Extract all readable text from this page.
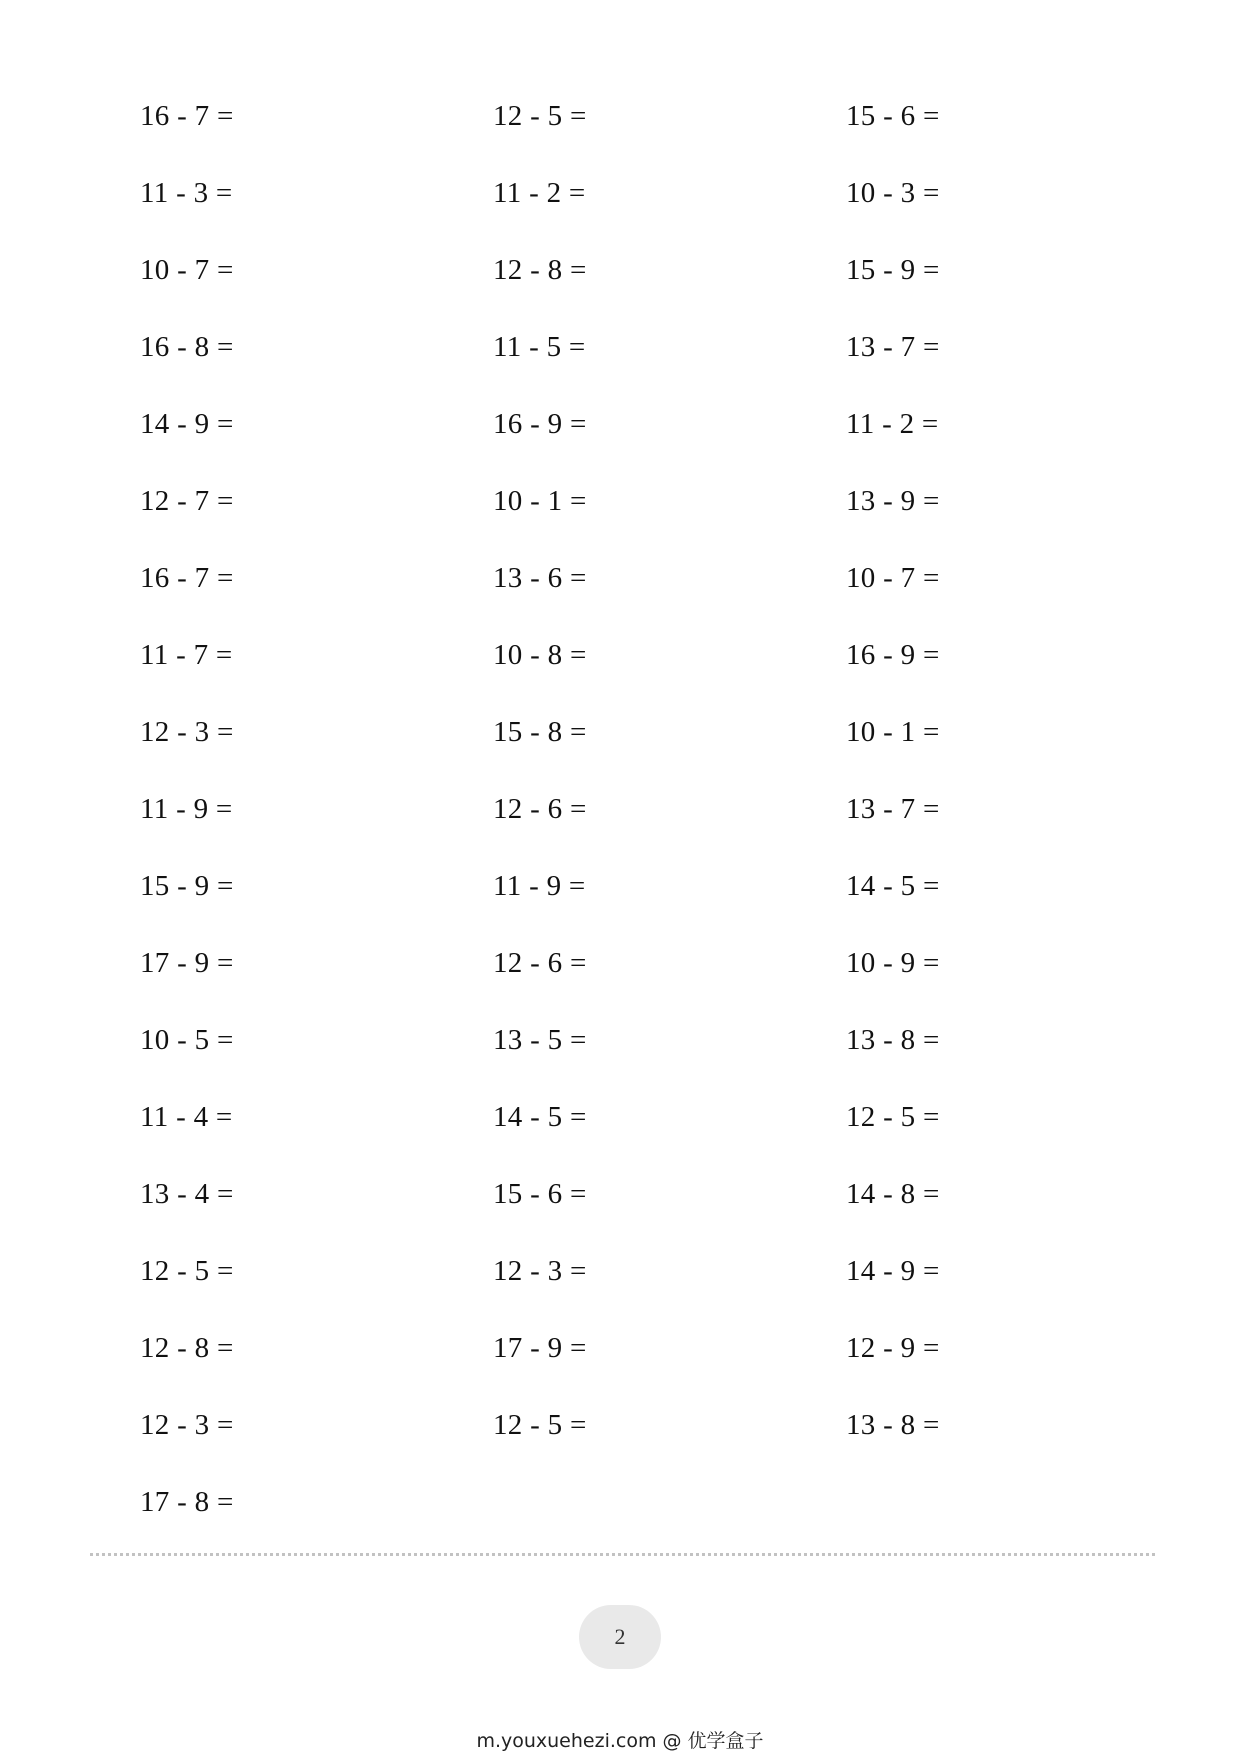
16 - 7 =	12 - 5 =	15 - 6 =
11 - 3 =	11 - 2 =	10 - 3 =
10 - 7 =	12 - 8 =	15 - 9 =
16 - 8 =	11 - 5 =	13 - 7 =
14 - 9 =	16 - 9 =	11 - 2 =
12 - 7 =	10 - 1 =	13 - 9 =
16 - 7 =	13 - 6 =	10 - 7 =
11 - 7 =	10 - 8 =	16 - 9 =
12 - 3 =	15 - 8 =	10 - 1 =
11 - 9 =	12 - 6 =	13 - 7 =
15 - 9 =	11 - 9 =	14 - 5 =
17 - 9 =	12 - 6 =	10 - 9 =
10 - 5 =	13 - 5 =	13 - 8 =
11 - 4 =	14 - 5 =	12 - 5 =
13 - 4 =	15 - 6 =	14 - 8 =
12 - 5 =	12 - 3 =	14 - 9 =
12 - 8 =	17 - 9 =	12 - 9 =
12 - 3 =	12 - 5 =	13 - 8 =
17 - 8 =
2
m.youxuehezi.com @ 优学盒子
